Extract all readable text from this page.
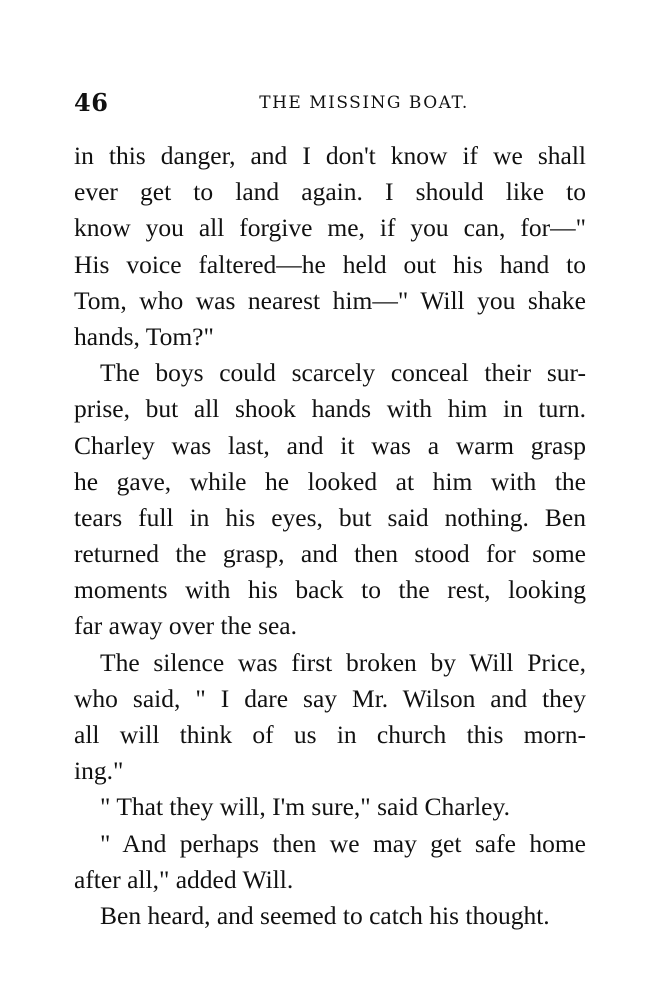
46	THE MISSING BOAT.
in this danger, and I don't know if we shall
ever get to land again. I should like to
know you all forgive me, if you can, for—"
His voice faltered—he held out his hand to
Tom, who was nearest him—" Will you shake
hands, Tom?"
The boys could scarcely conceal their sur-
prise, but all shook hands with him in turn.
Charley was last, and it was a warm grasp
he gave, while he looked at him with the
tears full in his eyes, but said nothing. Ben
returned the grasp, and then stood for some
moments with his back to the rest, looking
far away over the sea.
The silence was first broken by Will Price,
who said, " I dare say Mr. Wilson and they
all will think of us in church this morn-
ing."
" That they will, I'm sure," said Charley.
" And perhaps then we may get safe home
after all," added Will.
Ben heard, and seemed to catch his thought.
